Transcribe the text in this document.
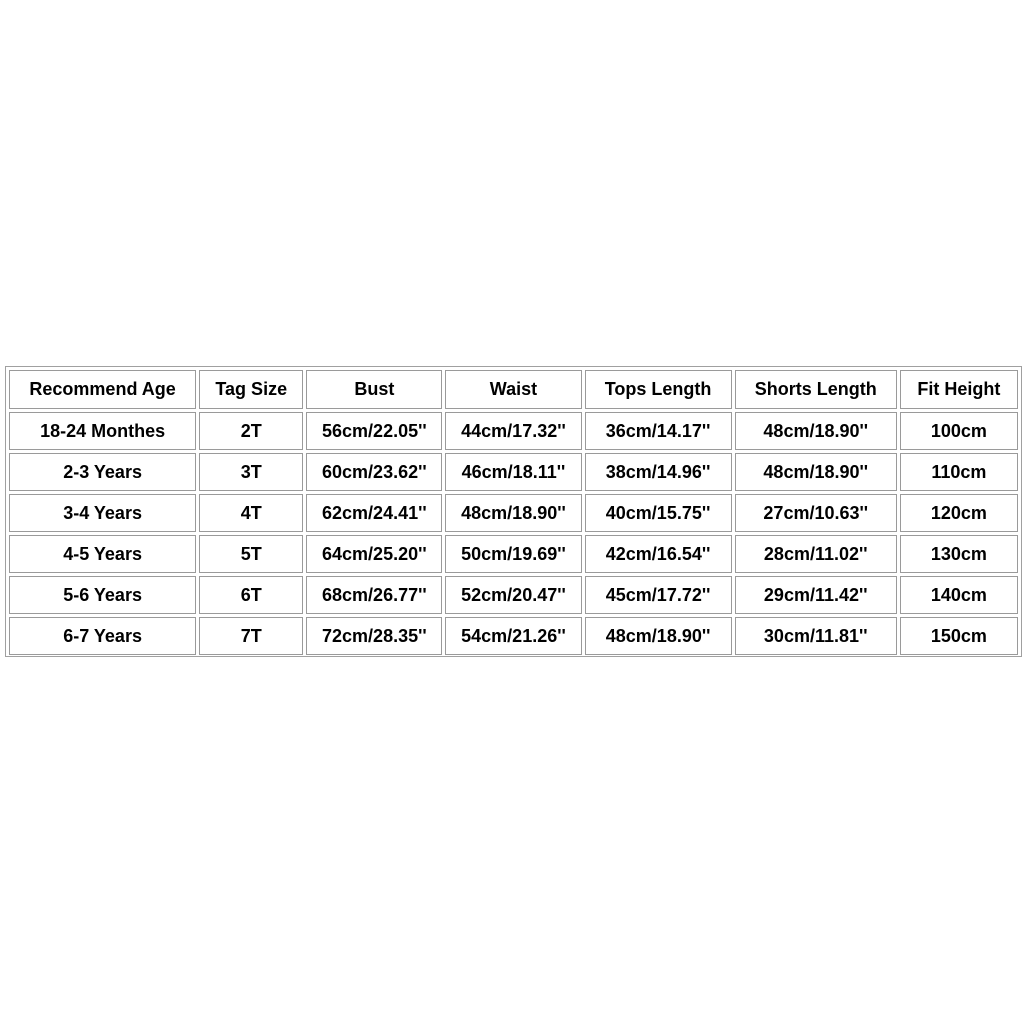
Recommend Age	Tag Size	Bust	Waist	Tops Length	Shorts Length	Fit Height
18-24 Monthes	2T	56cm/22.05''	44cm/17.32''	36cm/14.17''	48cm/18.90''	100cm
2-3 Years	3T	60cm/23.62''	46cm/18.11''	38cm/14.96''	48cm/18.90''	110cm
3-4 Years	4T	62cm/24.41''	48cm/18.90''	40cm/15.75''	27cm/10.63''	120cm
4-5 Years	5T	64cm/25.20''	50cm/19.69''	42cm/16.54''	28cm/11.02''	130cm
5-6 Years	6T	68cm/26.77''	52cm/20.47''	45cm/17.72''	29cm/11.42''	140cm
6-7 Years	7T	72cm/28.35''	54cm/21.26''	48cm/18.90''	30cm/11.81''	150cm
